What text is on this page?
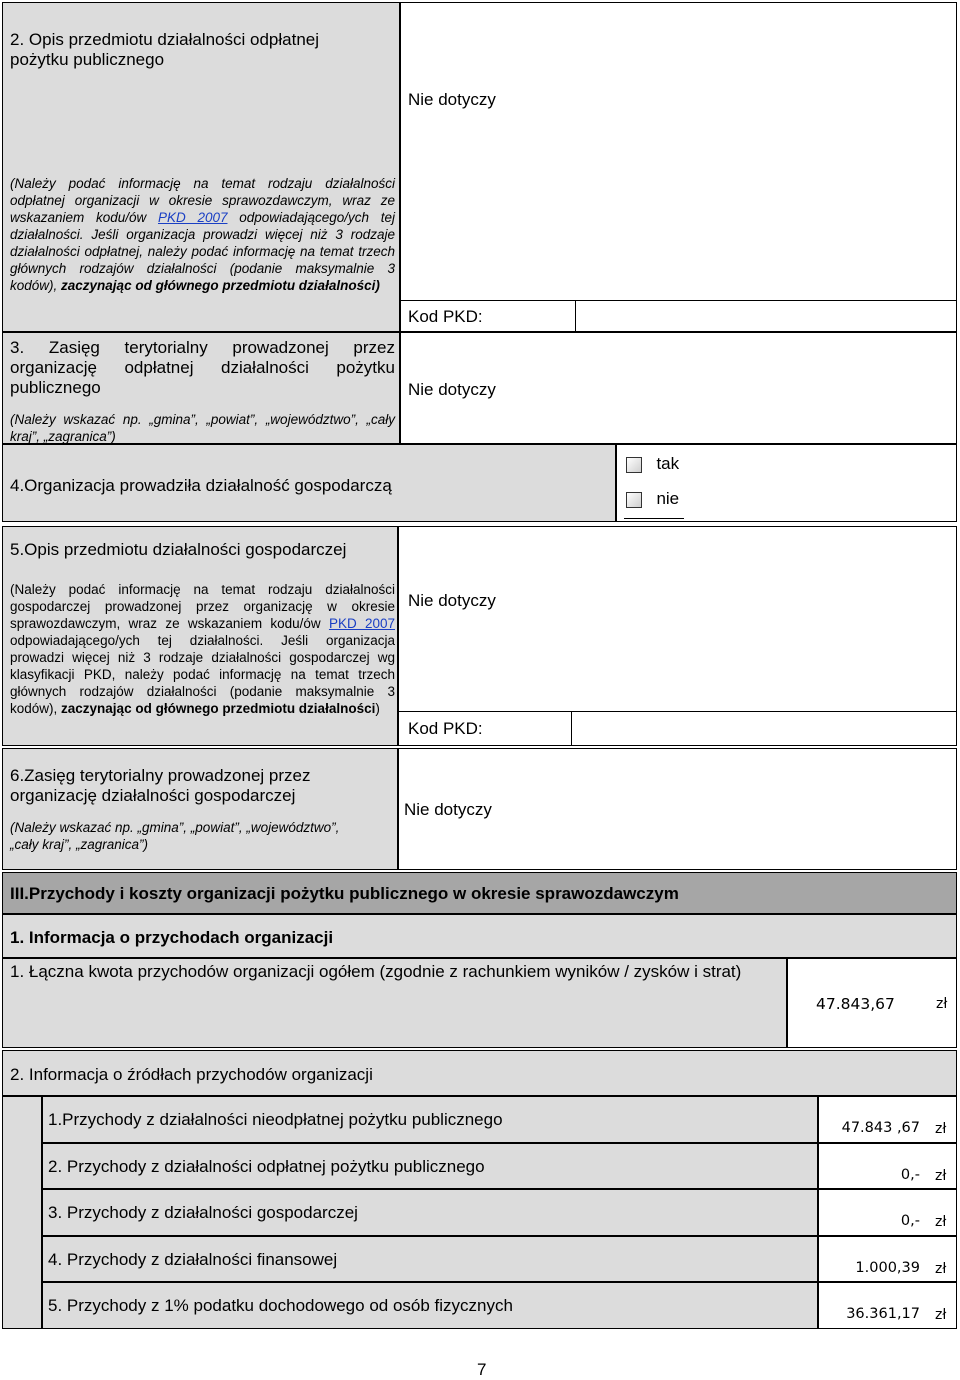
2. Opis przedmiotu działalności odpłatnej pożytku publicznego
Nie dotyczy
(Należy podać informację na temat rodzaju działalności odpłatnej organizacji w okresie sprawozdawczym, wraz ze wskazaniem kodu/ów PKD 2007 odpowiadającego/ych tej działalności. Jeśli organizacja prowadzi więcej niż 3 rodzaje działalności odpłatnej, należy podać informację na temat trzech głównych rodzajów działalności (podanie maksymalnie 3 kodów), zaczynając od głównego przedmiotu działalności)
Kod PKD:
3. Zasięg terytorialny prowadzonej przez organizację odpłatnej działalności pożytku publicznego
(Należy wskazać np. „gmina”, „powiat”, „województwo”, „cały kraj”, „zagranica”)
Nie dotyczy
4.Organizacja prowadziła działalność gospodarczą
tak
nie
5.Opis przedmiotu działalności gospodarczej
(Należy podać informację na temat rodzaju działalności gospodarczej prowadzonej przez organizację w okresie sprawozdawczym, wraz ze wskazaniem kodu/ów PKD 2007 odpowiadającego/ych tej działalności. Jeśli organizacja prowadzi więcej niż 3 rodzaje działalności gospodarczej wg klasyfikacji PKD, należy podać informację na temat trzech głównych rodzajów działalności (podanie maksymalnie 3 kodów), zaczynając od głównego przedmiotu działalności)
Nie dotyczy
Kod PKD:
6.Zasięg terytorialny prowadzonej przez organizację działalności gospodarczej
(Należy wskazać np. „gmina”, „powiat”, „województwo”, „cały kraj”, „zagranica”)
Nie dotyczy
III.Przychody i koszty organizacji pożytku publicznego w okresie sprawozdawczym
1. Informacja o przychodach organizacji
1. Łączna kwota przychodów organizacji ogółem (zgodnie z rachunkiem wyników / zysków i strat)
47.843,67	zł
2. Informacja o źródłach przychodów organizacji
1.Przychody z działalności nieodpłatnej pożytku publicznego	47.843 ,67 zł
2. Przychody z działalności odpłatnej pożytku publicznego	0,- zł
3. Przychody z działalności gospodarczej	0,- zł
4. Przychody z działalności finansowej	1.000,39 zł
5. Przychody z 1% podatku dochodowego od osób fizycznych	36.361,17 zł
7
